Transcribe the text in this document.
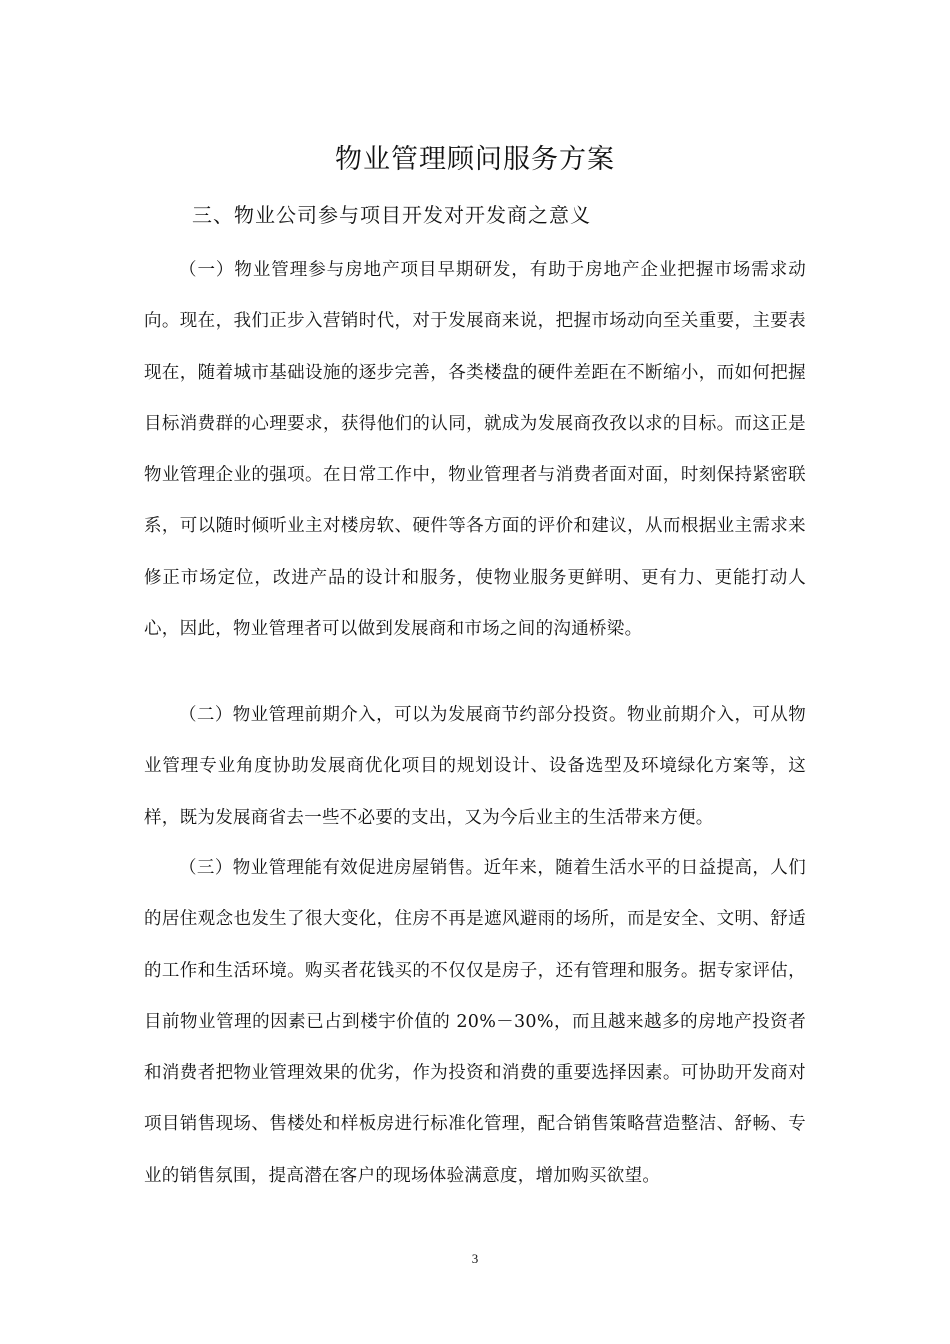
物业管理顾问服务方案
三、物业公司参与项目开发对开发商之意义

（一）物业管理参与房地产项目早期研发，有助于房地产企业把握市场需求动向。现在，我们正步入营销时代，对于发展商来说，把握市场动向至关重要，主要表现在，随着城市基础设施的逐步完善，各类楼盘的硬件差距在不断缩小，而如何把握目标消费群的心理要求，获得他们的认同，就成为发展商孜孜以求的目标。而这正是物业管理企业的强项。在日常工作中，物业管理者与消费者面对面，时刻保持紧密联系，可以随时倾听业主对楼房软、硬件等各方面的评价和建议，从而根据业主需求来修正市场定位，改进产品的设计和服务，使物业服务更鲜明、更有力、更能打动人心，因此，物业管理者可以做到发展商和市场之间的沟通桥梁。

（二）物业管理前期介入，可以为发展商节约部分投资。物业前期介入，可从物业管理专业角度协助发展商优化项目的规划设计、设备选型及环境绿化方案等，这样，既为发展商省去一些不必要的支出，又为今后业主的生活带来方便。

（三）物业管理能有效促进房屋销售。近年来，随着生活水平的日益提高，人们的居住观念也发生了很大变化，住房不再是遮风避雨的场所，而是安全、文明、舒适的工作和生活环境。购买者花钱买的不仅仅是房子，还有管理和服务。据专家评估，目前物业管理的因素已占到楼宇价值的 20%－30%，而且越来越多的房地产投资者和消费者把物业管理效果的优劣，作为投资和消费的重要选择因素。可协助开发商对项目销售现场、售楼处和样板房进行标准化管理，配合销售策略营造整洁、舒畅、专业的销售氛围，提高潜在客户的现场体验满意度，增加购买欲望。

3
